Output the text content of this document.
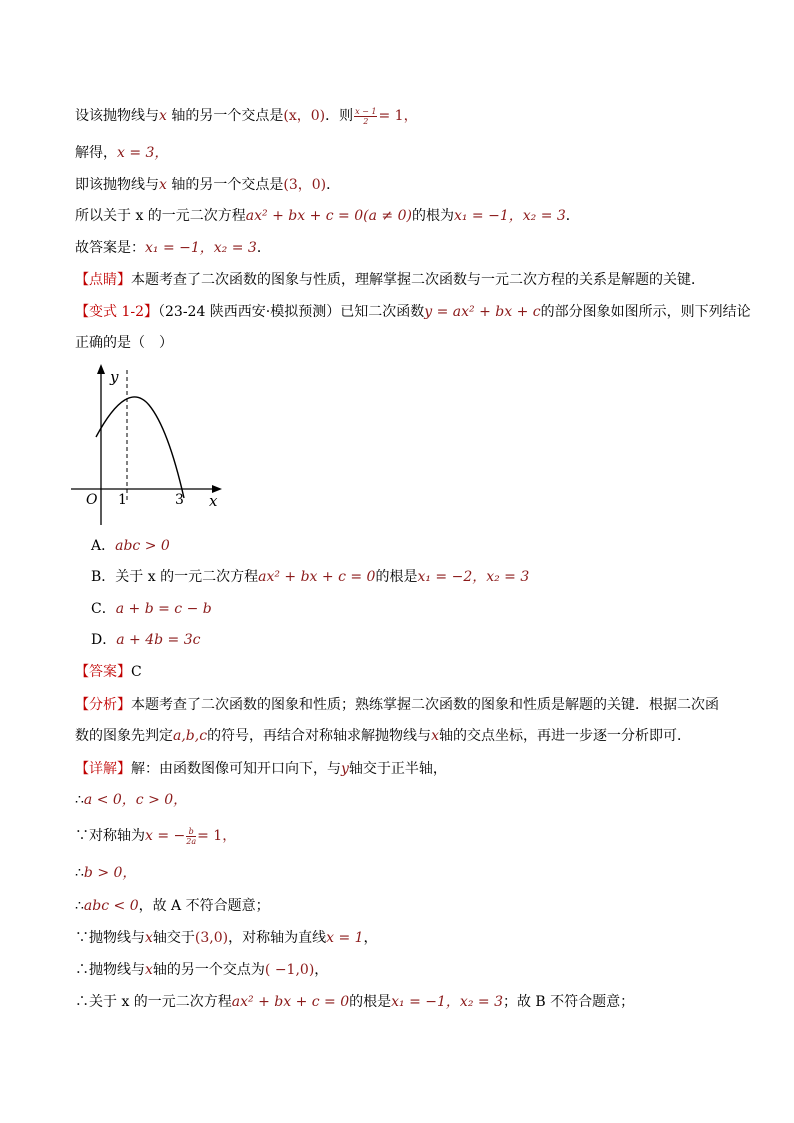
设该抛物线与x 轴的另一个交点是(x，0)．则 $\frac{x - 1}{2} = 1$，
解得，x = 3，
即该抛物线与x 轴的另一个交点是(3，0)．
所以关于 x 的一元二次方程ax² + bx + c = 0(a ≠ 0)的根为x₁ = −1，x₂ = 3．
故答案是：x₁ = −1，x₂ = 3．
【点睛】本题考查了二次函数的图象与性质，理解掌握二次函数与一元二次方程的关系是解题的关键．
【变式 1-2】（23-24 陕西西安·模拟预测）已知二次函数y = ax² + bx + c的部分图象如图所示，则下列结论
正确的是（　）
y
x
O 1	3
A．abc > 0
B．关于 x 的一元二次方程ax² + bx + c = 0的根是x₁ = −2，x₂ = 3
C．a + b = c − b
D．a + 4b = 3c
【答案】C
【分析】本题考查了二次函数的图象和性质；熟练掌握二次函数的图象和性质是解题的关键．根据二次函
数的图象先判定a,b,c的符号，再结合对称轴求解抛物线与x轴的交点坐标，再进一步逐一分析即可．
【详解】解：由函数图像可知开口向下，与y轴交于正半轴，
∴a < 0，c > 0，
∵对称轴为x = − $\frac{b}{2a} = 1$，
∴b > 0，
∴abc < 0，故 A 不符合题意；
∵抛物线与x轴交于(3,0)，对称轴为直线x = 1，
∴抛物线与x轴的另一个交点为( −1,0)，
∴关于 x 的一元二次方程ax² + bx + c = 0的根是x₁ = −1，x₂ = 3；故 B 不符合题意；
